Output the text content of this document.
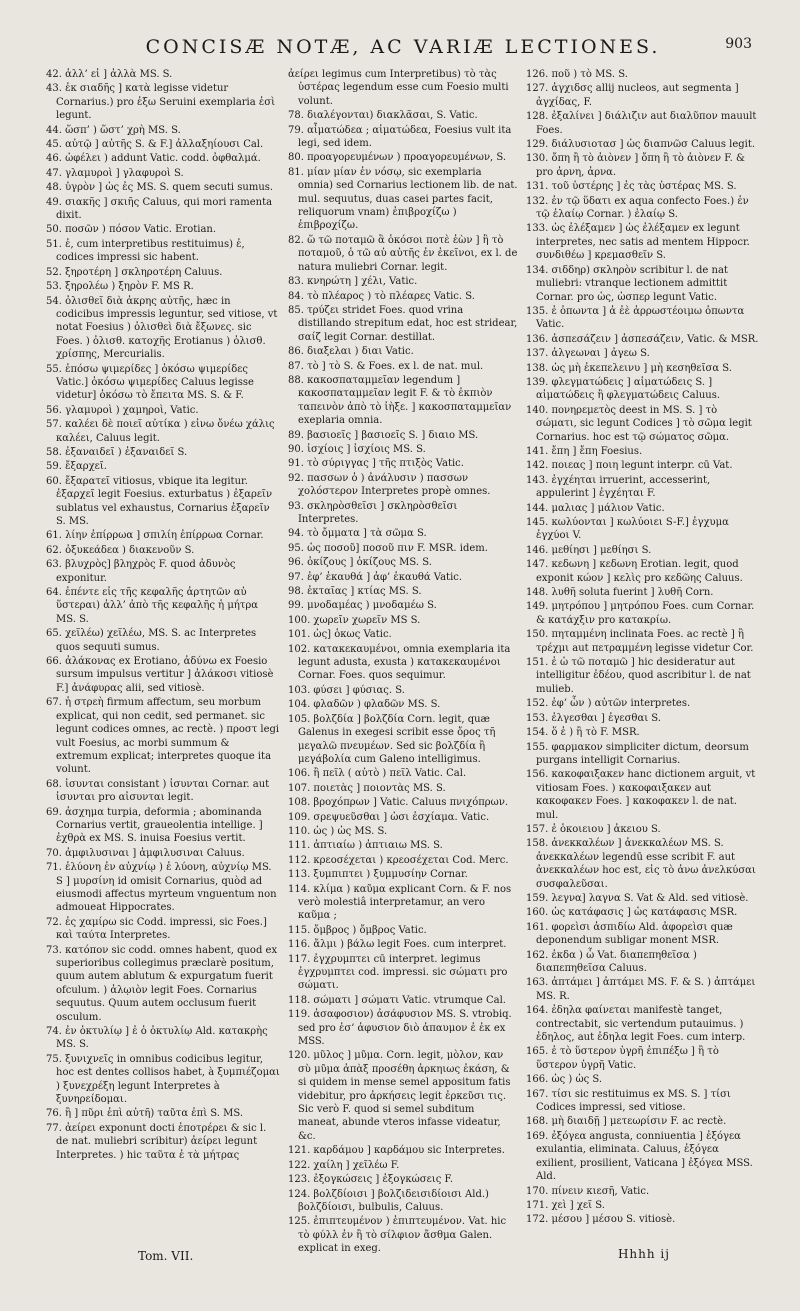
CONCISÆ NOTÆ, AC VARIÆ LECTIONES.	903
42. ἀλλ’ εἰ ] ἀλλὰ MS. S.
43. ἐκ σιαδῆς ] κατὰ legisse videtur Cornarius.) pro ἐξω Seruini exemplaria ἐσὶ legunt.
44. ὥσπ’ ) ὥστ’ χρὴ MS. S.
45. αὐτῷ ] αὐτῆς S. & F.] ἀλλαξηίουσι Cal.
46. ὠφέλει ) addunt Vatic. codd. ὀφθαλμά.
47. γλαμυροὶ ] γλαφυροὶ S.
48. ὑγρὸν ] ὡς ἐς MS. S. quem secuti sumus.
49. σιακῆς ] σκιῆς Caluus, qui mori ramenta dixit.
50. ποσῶν ) πόσον Vatic. Erotian.
51. ἐ, cum interpretibus restituimus) ἐ, codices impressi sic habent.
52. ξηροτέρη ] σκληροτέρη Caluus.
53. ξηρολέω ) ξηρὸν F. MS R.
54. ὀλισθεῖ διὰ ἀκρης αὐτῆς, hæc in codicibus impressis leguntur, sed vitiose, vt notat Foesius ) ὀλισθεὶ διὰ ἔξωνες. sic Foes. ) ὀλισθ. κατοχῆς Erotianus ) ὀλισθ. χρίσπης, Mercurialis.
55. ἐπόσω ψιμερίδες ] ὀκόσω ψιμερίδες Vatic.] ὀκόσω ψιμερίδες Caluus legisse videtur] ὀκόσω τὸ ἔπειτα MS. S. & F.
56. γλαμυροὶ ) χαμηροὶ, Vatic.
57. καλέει δὲ ποιεῖ αὐτίκα ) εἰνω ὄνέω χάλις καλέει, Caluus legit.
58. ἐξαναιδεῖ ) ἐξαναιδεῖ S.
59. ἔξαρχεῖ.
60. ἔξαρατεῖ vitiosus, vbique ita legitur. ἐξαρχεῖ legit Foesius. exturbatus ) ἐξαρεῖν sublatus vel exhaustus, Cornarius ἐξαρεῖν S. MS.
61. λίην ἐπίρρωα ] σπιλίη ἐπίρρωα Cornar.
62. ὀξυκεάδεα ) διακενοῦν S.
63. βλυχρὸς] βληχρὸς F. quod ἀδυνὸς exponitur.
64. ἐπέντε εἰς τῆς κεφαλῆς ἀρτητῶν αὐ ὕστεραι) ἀλλ’ ἀπὸ τῆς κεφαλῆς ἡ μήτρα MS. S.
65. χεῖλέω) χεῖλέω, MS. S. ac Interpretes quos sequuti sumus.
66. ἀλάκονας ex Erotiano, ἀδύνω ex Foesio sursum impulsus vertitur ] ἀλάκοσι vitiosè F.] ἀνάφυρας alii, sed vitiosè.
67. ἡ στρεὴ firmum affectum, seu morbum explicat, qui non cedit, sed permanet. sic legunt codices omnes, ac rectè. ) προστ legi vult Foesius, ac morbi summum & extremum explicat; interpretes quoque ita volunt.
68. ἰσυνται consistant ) ἰσυνται Cornar. aut ἰσυνται pro αἰσυνται legit.
69. ἀσχημα turpia, deformia ; abominanda Cornarius vertit, graueolentia intellige. ] ἐχθρὰ ex MS. S. inuisa Foesius vertit.
70. ἀμφιλυσιναι ] ἀμφιλυσιναι Caluus.
71. ἐλύονη ἐν αὐχνίῳ ) ἐ λύονη, αὐχνίῳ MS. S ] μυρσίνη id omisit Cornarius, quòd ad eiusmodi affectus myrteum vnguentum non admoueat Hippocrates.
72. ἐς χαμίρω sic Codd. impressi, sic Foes.] καὶ ταύτα Interpretes.
73. κατόπον sic codd. omnes habent, quod ex superioribus collegimus præclarè positum, quum autem ablutum & expurgatum fuerit ofculum. ) ἀλῳιὸν legit Foes. Cornarius sequutus. Quum autem occlusum fuerit osculum.
74. ἐν ὁκτυλίῳ ] ἐ ὁ ὀκτυλίῳ Ald. κατακρὴς MS. S.
75. ξυνιχνεῖς in omnibus codicibus legitur, hoc est dentes collisos habet, à ξυμπιέζομαι ) ξυνεχρέξη legunt Interpretes à ξυνηρείδομαι.
76. ἢ ] πῦρι ἐπὶ αὐτῆ) ταῦτα ἐπὶ S. MS.
77. ἀείρει exponunt docti ἐποτρέρει & sic l. de nat. muliebri scribitur) ἀείρει legunt Interpretes. ) hic ταῦτα ἐ τὰ μήτρας
ἀείρει legimus cum Interpretibus) τὸ τὰς ὑστέρας legendum esse cum Foesio multi volunt.
78. διαλέγονται) διακλᾶσαι, S. Vatic.
79. αἷματώδεα ; αἱματώδεα, Foesius vult ita legi, sed idem.
80. προαγορευμένων ) προαγορευμένων, S.
81. μίαν μίαν ἐν νόσῳ, sic exemplaria omnia) sed Cornarius lectionem lib. de nat. mul. sequutus, duas casei partes facit, reliquorum vnam) ἐπιβροχίζω ) ἐπιβροχίζω.
82. ὥ τῶ ποταμῶ ἃ ὁκόσοι ποτὲ ἐὼν ] ἢ τὸ ποταμοῦ, ὁ τῶ αὐ αὐτῆς ἐν ἐκεῖνοι, ex l. de natura muliebri Cornar. legit.
83. κνηρώτη ] χέλι, Vatic.
84. τὸ πλέαρος ) τὸ πλέαρες Vatic. S.
85. τρύζει stridet Foes. quod vrina distillando strepitum edat, hoc est stridear, σαίζ legit Cornar. destillat.
86. διαξελαι ) διαι Vatic.
87. τὸ ] τὸ S. & Foes. ex l. de nat. mul.
88. κακοσπαταμμεῖαν legendum ] κακοσπαταμμεῖαν legit F. & τὸ ἐκπιὸν ταπεινὸν ἀπὸ τὸ ἰὴξε. ] κακοσπαταμμεῖαν exeplaria omnia.
89. βασιοεῖς ] βασιοεῖς S. ] διαιο MS.
90. ἰσχίοις ] ἰσχίοις MS. S.
91. τὸ σύριγγας ] τῆς πτιξὸς Vatic.
92. πασσων ὁ ) ἀνάλυσιν ) πασσων χολόστερον Interpretes propè omnes.
93. σκληρὸσθεῖσι ] σκληρὸσθεῖσι Interpretes.
94. τὸ ὄμματα ] τὰ σῶμα S.
95. ὡς ποσοῦ] ποσοῦ πιν F. MSR. idem.
96. ὀκίζους ] ὀκίζους MS. S.
97. ἐφ’ ἐκαυθά ] ἀφ’ ἐκαυθά Vatic.
98. ἐκταῖας ] κτίας MS. S.
99. μνοδαμέας ) μνοδαμέω S.
100. χωρεῖν χωρεῖν MS S.
101. ὡς] ὁκως Vatic.
102. κατακεκαυμένοι, omnia exemplaria ita legunt adusta, exusta ) κατακεκαυμένοι Cornar. Foes. quos sequimur.
103. φύσει ] φύσιας. S.
104. φλαδῶν ) φλαδῶν MS. S.
105. βολζδία ] βολζδία Corn. legit, quæ Galenus in exegesi scribit esse ὄρος τῆ μεγαλῶ πνευμέων. Sed sic βολζδία ἢ μεγάβολία cum Galeno intelligimus.
106. ἢ πεῖλ ( αὐτὸ ) πεῖλ Vatic. Cal.
107. ποιετὰς ] ποιοντὰς MS. S.
108. βροχόπρων ] Vatic. Caluus πνιχόπρων.
109. σρεψυεῦσθαι ] ὡσι ἐσχίαμα. Vatic.
110. ὡς ) ὡς MS. S.
111. ἀπτιαίω ) ἀπτιαιω MS. S.
112. κρεοσέχεται ) κρεοσέχεται Cod. Merc.
113. ξυμπιπτει ) ξυμμυσίην Cornar.
114. κλίμα ) καῦμα explicant Corn. & F. nos verò molestiâ interpretamur, an vero καῦμα ;
115. ὄμβρος ) ὄμβρος Vatic.
116. ἄλμι ) βάλω legit Foes. cum interpret.
117. ἐγχρυμπτει cū interpret. legimus ἐγχρυμπτει cod. impressi. sic σώματι pro σώματι.
118. σώματι ] σώματι Vatic. vtrumque Cal.
119. ἀσαφοσιον) ἀσάφυσιον MS. S. vtrobiq. sed pro ἐσ’ ἀφυσιον διὸ ἀπαυμον ἐ ἐκ ex MSS.
120. μῦλος ] μῦμα. Corn. legit, μὸλον, καν σὺ μῦμα ἀπὰξ προσέθη ἀρκηιως ἐκάση, & si quidem in mense semel appositum fatis videbitur, pro ἀρκήσεις legit ἐρκεῦσι τις. Sic verò F. quod si semel subditum maneat, abunde vteros infasse videatur, &c.
121. καρδάμου ] καρδάμου sic Interpretes.
122. χαίλη ] χεῖλέω F.
123. ἐξογκώσεις ] ἐξογκώσεις F.
124. βολζδίοισι ] βολζιδεισιδίοισι Ald.) βολζδίοισι, bulbulis, Caluus.
125. ἐπιπτευμένον ) ἐπιπτευμένον. Vat. hic τὸ φύλλ ἐν ἢ τὸ σίλφιον ἄσθμα Galen. explicat in exeg.
126. ποῦ ) τὸ MS. S.
127. ἀγχιδσς allij nucleos, aut segmenta ] ἀγχίδας, F.
128. ἐξαλίνει ] διάλιζιν aut διαλῦπον mauult Foes.
129. διάλυσιοτασ ] ὡς διαπνῶσ Caluus legit.
130. ὄπη ἢ τὸ ἀιὸνεν ] ὄπη ἢ τὸ ἀιὸνεν F. & pro ἀρνη, ἀρνα.
131. τοῦ ὑστέρης ] ἐς τὰς ὑστέρας MS. S.
132. ἐν τῷ ὕδατι ex aqua confecto Foes.) ἐν τῷ ἐλαίῳ Cornar. ) ἐλαίῳ S.
133. ὡς ἐλέξαμεν ] ὡς ἐλέξαμεν ex legunt interpretes, nec satis ad mentem Hippocr. συνδιθέω ] κρεμασθεῖν S.
134. σιδδηρ) σκληρὸν scribitur l. de nat muliebri: vtranque lectionem admittit Cornar. pro ὡς, ὡσπερ legunt Vatic.
135. ἐ ὀπωντα ] ἀ ἐὲ ἀρρωστέοιμω ὀπωντα Vatic.
136. ἀσπεσάζειν ] ἀσπεσάζειν, Vatic. & MSR.
137. ἀλγεωναι ] ἀγεω S.
138. ὡς μὴ ἐκεπελεινυ ] μὴ κεσηθεῖσα S.
139. φλεγματώδεις ] αἱματώδεις S. ] αἱματώδεις ἢ φλεγματώδεις Caluus.
140. πονηρεμετὸς deest in MS. S. ] τὸ σώματι, sic legunt Codices ] τὸ σῶμα legit Cornarius. hoc est τῷ σώματος σῶμα.
141. ἔπη ] ἔπη Foesius.
142. ποιεας ] ποιη legunt interpr. cū Vat.
143. ἐγχέηται irruerint, accesserint, appulerint ] ἐγχέηται F.
144. μαλιας ] μάλιον Vatic.
145. κωλύονται ] κωλύοιει S-F.] ἐγχυμα ἐγχύοι V.
146. μεθίησι ] μεθίησι S.
147. κεδωνη ] κεδωνη Erotian. legit, quod exponit κώον ] κελὶς pro κεδῶης Caluus.
148. λυθῆ soluta fuerint ] λυθῆ Corn.
149. μητρόπου ] μητρόπου Foes. cum Cornar. & κατάχξιν pro κατακρίω.
150. πηταμμένη inclinata Foes. ac rectè ] ἢ τρέχμι aut πετραμμένη legisse videtur Cor.
151. ἐ ὡ τῶ ποταμῶ ] hic desideratur aut intelligitur ἐδέου, quod ascribitur l. de nat mulieb.
152. ἐφ’ ὧν ) αὐτῶν interpretes.
153. ἐλγεσθαι ] ἐγεσθαι S.
154. ὅ ἐ ) ἢ τὸ F. MSR.
155. φαρμακον simpliciter dictum, deorsum purgans intelligit Cornarius.
156. κακοφαιξακεν hanc dictionem arguit, vt vitiosam Foes. ) κακοφαιξακεν aut κακοφακεν Foes. ] κακοφακεν l. de nat. mul.
157. ἐ ὁκοιειου ] ἀκειου S.
158. ἀνεκκαλέων ] ἀνεκκαλέων MS. S. ἀνεκκαλέων legendū esse scribit F. aut ἀνεκκαλέων hoc est, εἰς τὸ ἀνω ἀνελκύσαι συσφαλεῦσαι.
159. λεγνα] λαγνα S. Vat & Ald. sed vitiosè.
160. ὡς κατάφασις ] ὡς κατάφασις MSR.
161. φορεὶσι ἀσπιδίω Ald. ἀφορεὶσι quæ deponendum subligar monent MSR.
162. ἐκδα ) ὧ Vat. διαπεπηθεῖσα ) διαπεπηθεῖσα Caluus.
163. ἀπτάμει ] ἀπτάμει MS. F. & S. ) ἀπτάμει MS. R.
164. ἐδηλα φαίνεται manifestè tanget, contrectabit, sic vertendum putauimus. ) ἐδηλος, aut ἐδηλα legit Foes. cum interp.
165. ἐ τὸ ὕστερον ὑγρῆ ἐπιπέξω ] ἢ τὸ ὕστερον ὑγρῆ Vatic.
166. ὡς ) ὡς S.
167. τίσι sic restituimus ex MS. S. ] τίσι Codices impressi, sed vitiose.
168. μὴ διαιδῇ ] μετεωρίσιν F. ac rectè.
169. ἐξόγεα angusta, conniuentia ] ἐξόγεα exulantia, eliminata. Caluus, ἐξόγεα exilient, prosilient, Vaticana ] ἐξόγεα MSS. Ald.
170. πίνειν κιεσῆ, Vatic.
171. χεὶ ] χεῖ S.
172. μέσου ] μέσου S. vitiosè.
Tom. VII.	Hhhh ij
